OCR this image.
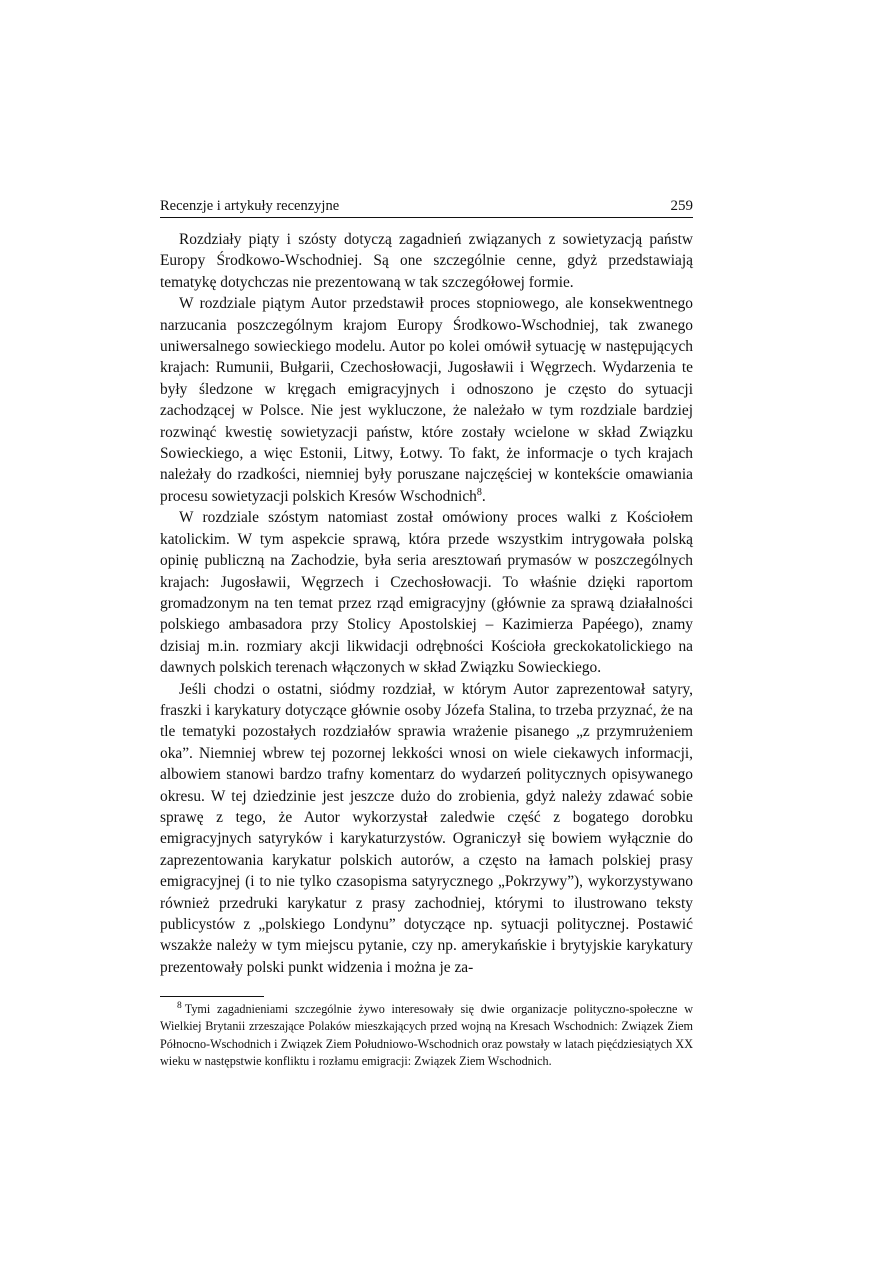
Recenzje i artykuły recenzyjne	259

Rozdziały piąty i szósty dotyczą zagadnień związanych z sowietyzacją państw Europy Środkowo-Wschodniej. Są one szczególnie cenne, gdyż przedstawiają tematykę dotychczas nie prezentowaną w tak szczegółowej formie.

W rozdziale piątym Autor przedstawił proces stopniowego, ale konsekwentnego narzucania poszczególnym krajom Europy Środkowo-Wschodniej, tak zwanego uniwersalnego sowieckiego modelu. Autor po kolei omówił sytuację w następujących krajach: Rumunii, Bułgarii, Czechosłowacji, Jugosławii i Węgrzech. Wydarzenia te były śledzone w kręgach emigracyjnych i odnoszono je często do sytuacji zachodzącej w Polsce. Nie jest wykluczone, że należało w tym rozdziale bardziej rozwinąć kwestię sowietyzacji państw, które zostały wcielone w skład Związku Sowieckiego, a więc Estonii, Litwy, Łotwy. To fakt, że informacje o tych krajach należały do rzadkości, niemniej były poruszane najczęściej w kontekście omawiania procesu sowietyzacji polskich Kresów Wschodnich$^8$.

W rozdziale szóstym natomiast został omówiony proces walki z Kościołem katolickim. W tym aspekcie sprawą, która przede wszystkim intrygowała polską opinię publiczną na Zachodzie, była seria aresztowań prymasów w poszczególnych krajach: Jugosławii, Węgrzech i Czechosłowacji. To właśnie dzięki raportom gromadzonym na ten temat przez rząd emigracyjny (głównie za sprawą działalności polskiego ambasadora przy Stolicy Apostolskiej – Kazimierza Papéego), znamy dzisiaj m.in. rozmiary akcji likwidacji odrębności Kościoła greckokatolickiego na dawnych polskich terenach włączonych w skład Związku Sowieckiego.

Jeśli chodzi o ostatni, siódmy rozdział, w którym Autor zaprezentował satyry, fraszki i karykatury dotyczące głównie osoby Józefa Stalina, to trzeba przyznać, że na tle tematyki pozostałych rozdziałów sprawia wrażenie pisanego „z przymrużeniem oka”. Niemniej wbrew tej pozornej lekkości wnosi on wiele ciekawych informacji, albowiem stanowi bardzo trafny komentarz do wydarzeń politycznych opisywanego okresu. W tej dziedzinie jest jeszcze dużo do zrobienia, gdyż należy zdawać sobie sprawę z tego, że Autor wykorzystał zaledwie część z bogatego dorobku emigracyjnych satyryków i karykaturzystów. Ograniczył się bowiem wyłącznie do zaprezentowania karykatur polskich autorów, a często na łamach polskiej prasy emigracyjnej (i to nie tylko czasopisma satyrycznego „Pokrzywy”), wykorzystywano również przedruki karykatur z prasy zachodniej, którymi to ilustrowano teksty publicystów z „polskiego Londynu” dotyczące np. sytuacji politycznej. Postawić wszakże należy w tym miejscu pytanie, czy np. amerykańskie i brytyjskie karykatury prezentowały polski punkt widzenia i można je za-

$^8$ Tymi zagadnieniami szczególnie żywo interesowały się dwie organizacje polityczno-społeczne w Wielkiej Brytanii zrzeszające Polaków mieszkających przed wojną na Kresach Wschodnich: Związek Ziem Północno-Wschodnich i Związek Ziem Południowo-Wschodnich oraz powstały w latach pięćdziesiątych XX wieku w następstwie konfliktu i rozłamu emigracji: Związek Ziem Wschodnich.
